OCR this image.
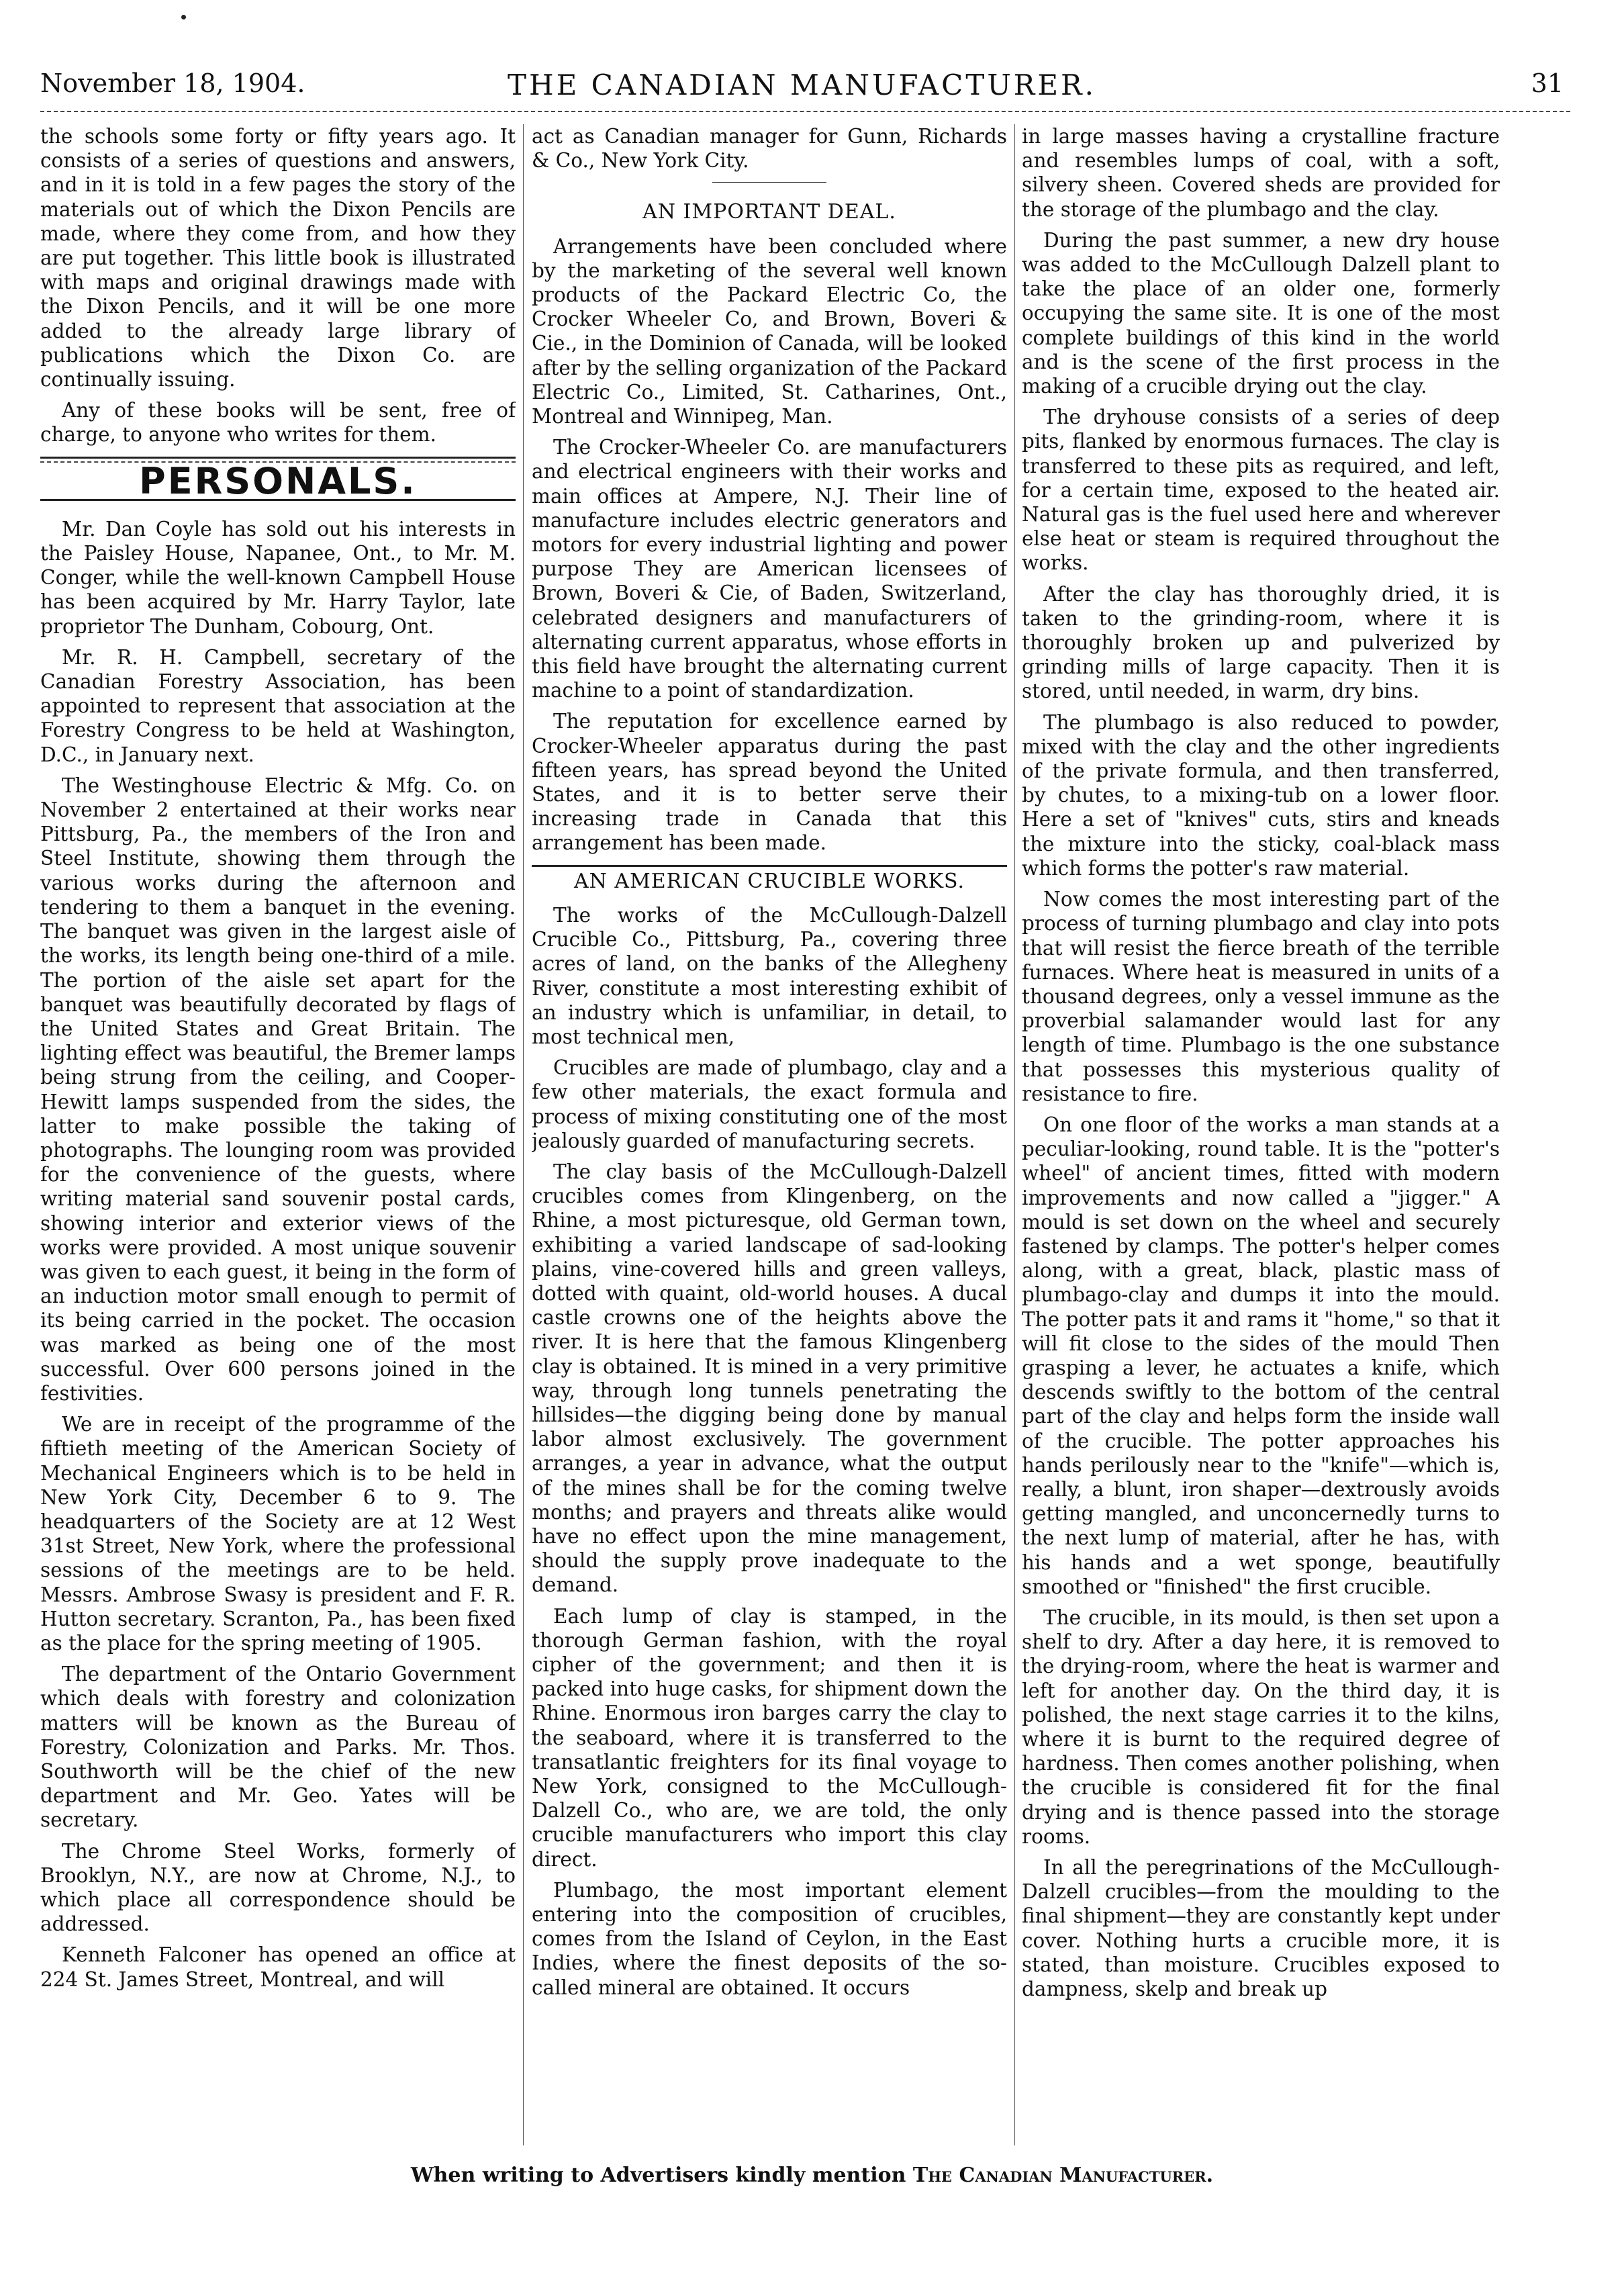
November 18, 1904.	THE CANADIAN MANUFACTURER.	31

the schools some forty or fifty years ago. It consists of a series of questions and answers, and in it is told in a few pages the story of the materials out of which the Dixon Pencils are made, where they come from, and how they are put together. This little book is illustrated with maps and original drawings made with the Dixon Pencils, and it will be one more added to the already large library of publications which the Dixon Co. are continually issuing.

Any of these books will be sent, free of charge, to anyone who writes for them.

PERSONALS.

Mr. Dan Coyle has sold out his interests in the Paisley House, Napanee, Ont., to Mr. M. Conger, while the well-known Campbell House has been acquired by Mr. Harry Taylor, late proprietor The Dunham, Cobourg, Ont.

Mr. R. H. Campbell, secretary of the Canadian Forestry Association, has been appointed to represent that association at the Forestry Congress to be held at Washington, D.C., in January next.

The Westinghouse Electric & Mfg. Co. on November 2 entertained at their works near Pittsburg, Pa., the members of the Iron and Steel Institute, showing them through the various works during the afternoon and tendering to them a banquet in the evening. The banquet was given in the largest aisle of the works, its length being one-third of a mile. The portion of the aisle set apart for the banquet was beautifully decorated by flags of the United States and Great Britain. The lighting effect was beautiful, the Bremer lamps being strung from the ceiling, and Cooper-Hewitt lamps suspended from the sides, the latter to make possible the taking of photographs. The lounging room was provided for the convenience of the guests, where writing material sand souvenir postal cards, showing interior and exterior views of the works were provided. A most unique souvenir was given to each guest, it being in the form of an induction motor small enough to permit of its being carried in the pocket. The occasion was marked as being one of the most successful. Over 600 persons joined in the festivities.

We are in receipt of the programme of the fiftieth meeting of the American Society of Mechanical Engineers which is to be held in New York City, December 6 to 9. The headquarters of the Society are at 12 West 31st Street, New York, where the professional sessions of the meetings are to be held. Messrs. Ambrose Swasy is president and F. R. Hutton secretary. Scranton, Pa., has been fixed as the place for the spring meeting of 1905.

The department of the Ontario Government which deals with forestry and colonization matters will be known as the Bureau of Forestry, Colonization and Parks. Mr. Thos. Southworth will be the chief of the new department and Mr. Geo. Yates will be secretary.

The Chrome Steel Works, formerly of Brooklyn, N.Y., are now at Chrome, N.J., to which place all correspondence should be addressed.

Kenneth Falconer has opened an office at 224 St. James Street, Montreal, and will

act as Canadian manager for Gunn, Richards & Co., New York City.

AN IMPORTANT DEAL.

Arrangements have been concluded where by the marketing of the several well known products of the Packard Electric Co, the Crocker Wheeler Co, and Brown, Boveri & Cie., in the Dominion of Canada, will be looked after by the selling organization of the Packard Electric Co., Limited, St. Catharines, Ont., Montreal and Winnipeg, Man.

The Crocker-Wheeler Co. are manufacturers and electrical engineers with their works and main offices at Ampere, N.J. Their line of manufacture includes electric generators and motors for every industrial lighting and power purpose They are American licensees of Brown, Boveri & Cie, of Baden, Switzerland, celebrated designers and manufacturers of alternating current apparatus, whose efforts in this field have brought the alternating current machine to a point of standardization.

The reputation for excellence earned by Crocker-Wheeler apparatus during the past fifteen years, has spread beyond the United States, and it is to better serve their increasing trade in Canada that this arrangement has been made.

AN AMERICAN CRUCIBLE WORKS.

The works of the McCullough-Dalzell Crucible Co., Pittsburg, Pa., covering three acres of land, on the banks of the Allegheny River, constitute a most interesting exhibit of an industry which is unfamiliar, in detail, to most technical men,

Crucibles are made of plumbago, clay and a few other materials, the exact formula and process of mixing constituting one of the most jealously guarded of manufacturing secrets.

The clay basis of the McCullough-Dalzell crucibles comes from Klingenberg, on the Rhine, a most picturesque, old German town, exhibiting a varied landscape of sad-looking plains, vine-covered hills and green valleys, dotted with quaint, old-world houses. A ducal castle crowns one of the heights above the river. It is here that the famous Klingenberg clay is obtained. It is mined in a very primitive way, through long tunnels penetrating the hillsides—the digging being done by manual labor almost exclusively. The government arranges, a year in advance, what the output of the mines shall be for the coming twelve months; and prayers and threats alike would have no effect upon the mine management, should the supply prove inadequate to the demand.

Each lump of clay is stamped, in the thorough German fashion, with the royal cipher of the government; and then it is packed into huge casks, for shipment down the Rhine. Enormous iron barges carry the clay to the seaboard, where it is transferred to the transatlantic freighters for its final voyage to New York, consigned to the McCullough-Dalzell Co., who are, we are told, the only crucible manufacturers who import this clay direct.

Plumbago, the most important element entering into the composition of crucibles, comes from the Island of Ceylon, in the East Indies, where the finest deposits of the so-called mineral are obtained. It occurs

in large masses having a crystalline fracture and resembles lumps of coal, with a soft, silvery sheen. Covered sheds are provided for the storage of the plumbago and the clay.

During the past summer, a new dry house was added to the McCullough Dalzell plant to take the place of an older one, formerly occupying the same site. It is one of the most complete buildings of this kind in the world and is the scene of the first process in the making of a crucible drying out the clay.

The dryhouse consists of a series of deep pits, flanked by enormous furnaces. The clay is transferred to these pits as required, and left, for a certain time, exposed to the heated air. Natural gas is the fuel used here and wherever else heat or steam is required throughout the works.

After the clay has thoroughly dried, it is taken to the grinding-room, where it is thoroughly broken up and pulverized by grinding mills of large capacity. Then it is stored, until needed, in warm, dry bins.

The plumbago is also reduced to powder, mixed with the clay and the other ingredients of the private formula, and then transferred, by chutes, to a mixing-tub on a lower floor. Here a set of "knives" cuts, stirs and kneads the mixture into the sticky, coal-black mass which forms the potter's raw material.

Now comes the most interesting part of the process of turning plumbago and clay into pots that will resist the fierce breath of the terrible furnaces. Where heat is measured in units of a thousand degrees, only a vessel immune as the proverbial salamander would last for any length of time. Plumbago is the one substance that possesses this mysterious quality of resistance to fire.

On one floor of the works a man stands at a peculiar-looking, round table. It is the "potter's wheel" of ancient times, fitted with modern improvements and now called a "jigger." A mould is set down on the wheel and securely fastened by clamps. The potter's helper comes along, with a great, black, plastic mass of plumbago-clay and dumps it into the mould. The potter pats it and rams it "home," so that it will fit close to the sides of the mould Then grasping a lever, he actuates a knife, which descends swiftly to the bottom of the central part of the clay and helps form the inside wall of the crucible. The potter approaches his hands perilously near to the "knife"—which is, really, a blunt, iron shaper—dextrously avoids getting mangled, and unconcernedly turns to the next lump of material, after he has, with his hands and a wet sponge, beautifully smoothed or "finished" the first crucible.

The crucible, in its mould, is then set upon a shelf to dry. After a day here, it is removed to the drying-room, where the heat is warmer and left for another day. On the third day, it is polished, the next stage carries it to the kilns, where it is burnt to the required degree of hardness. Then comes another polishing, when the crucible is considered fit for the final drying and is thence passed into the storage rooms.

In all the peregrinations of the McCullough-Dalzell crucibles—from the moulding to the final shipment—they are constantly kept under cover. Nothing hurts a crucible more, it is stated, than moisture. Crucibles exposed to dampness, skelp and break up

When writing to Advertisers kindly mention The Canadian Manufacturer.
